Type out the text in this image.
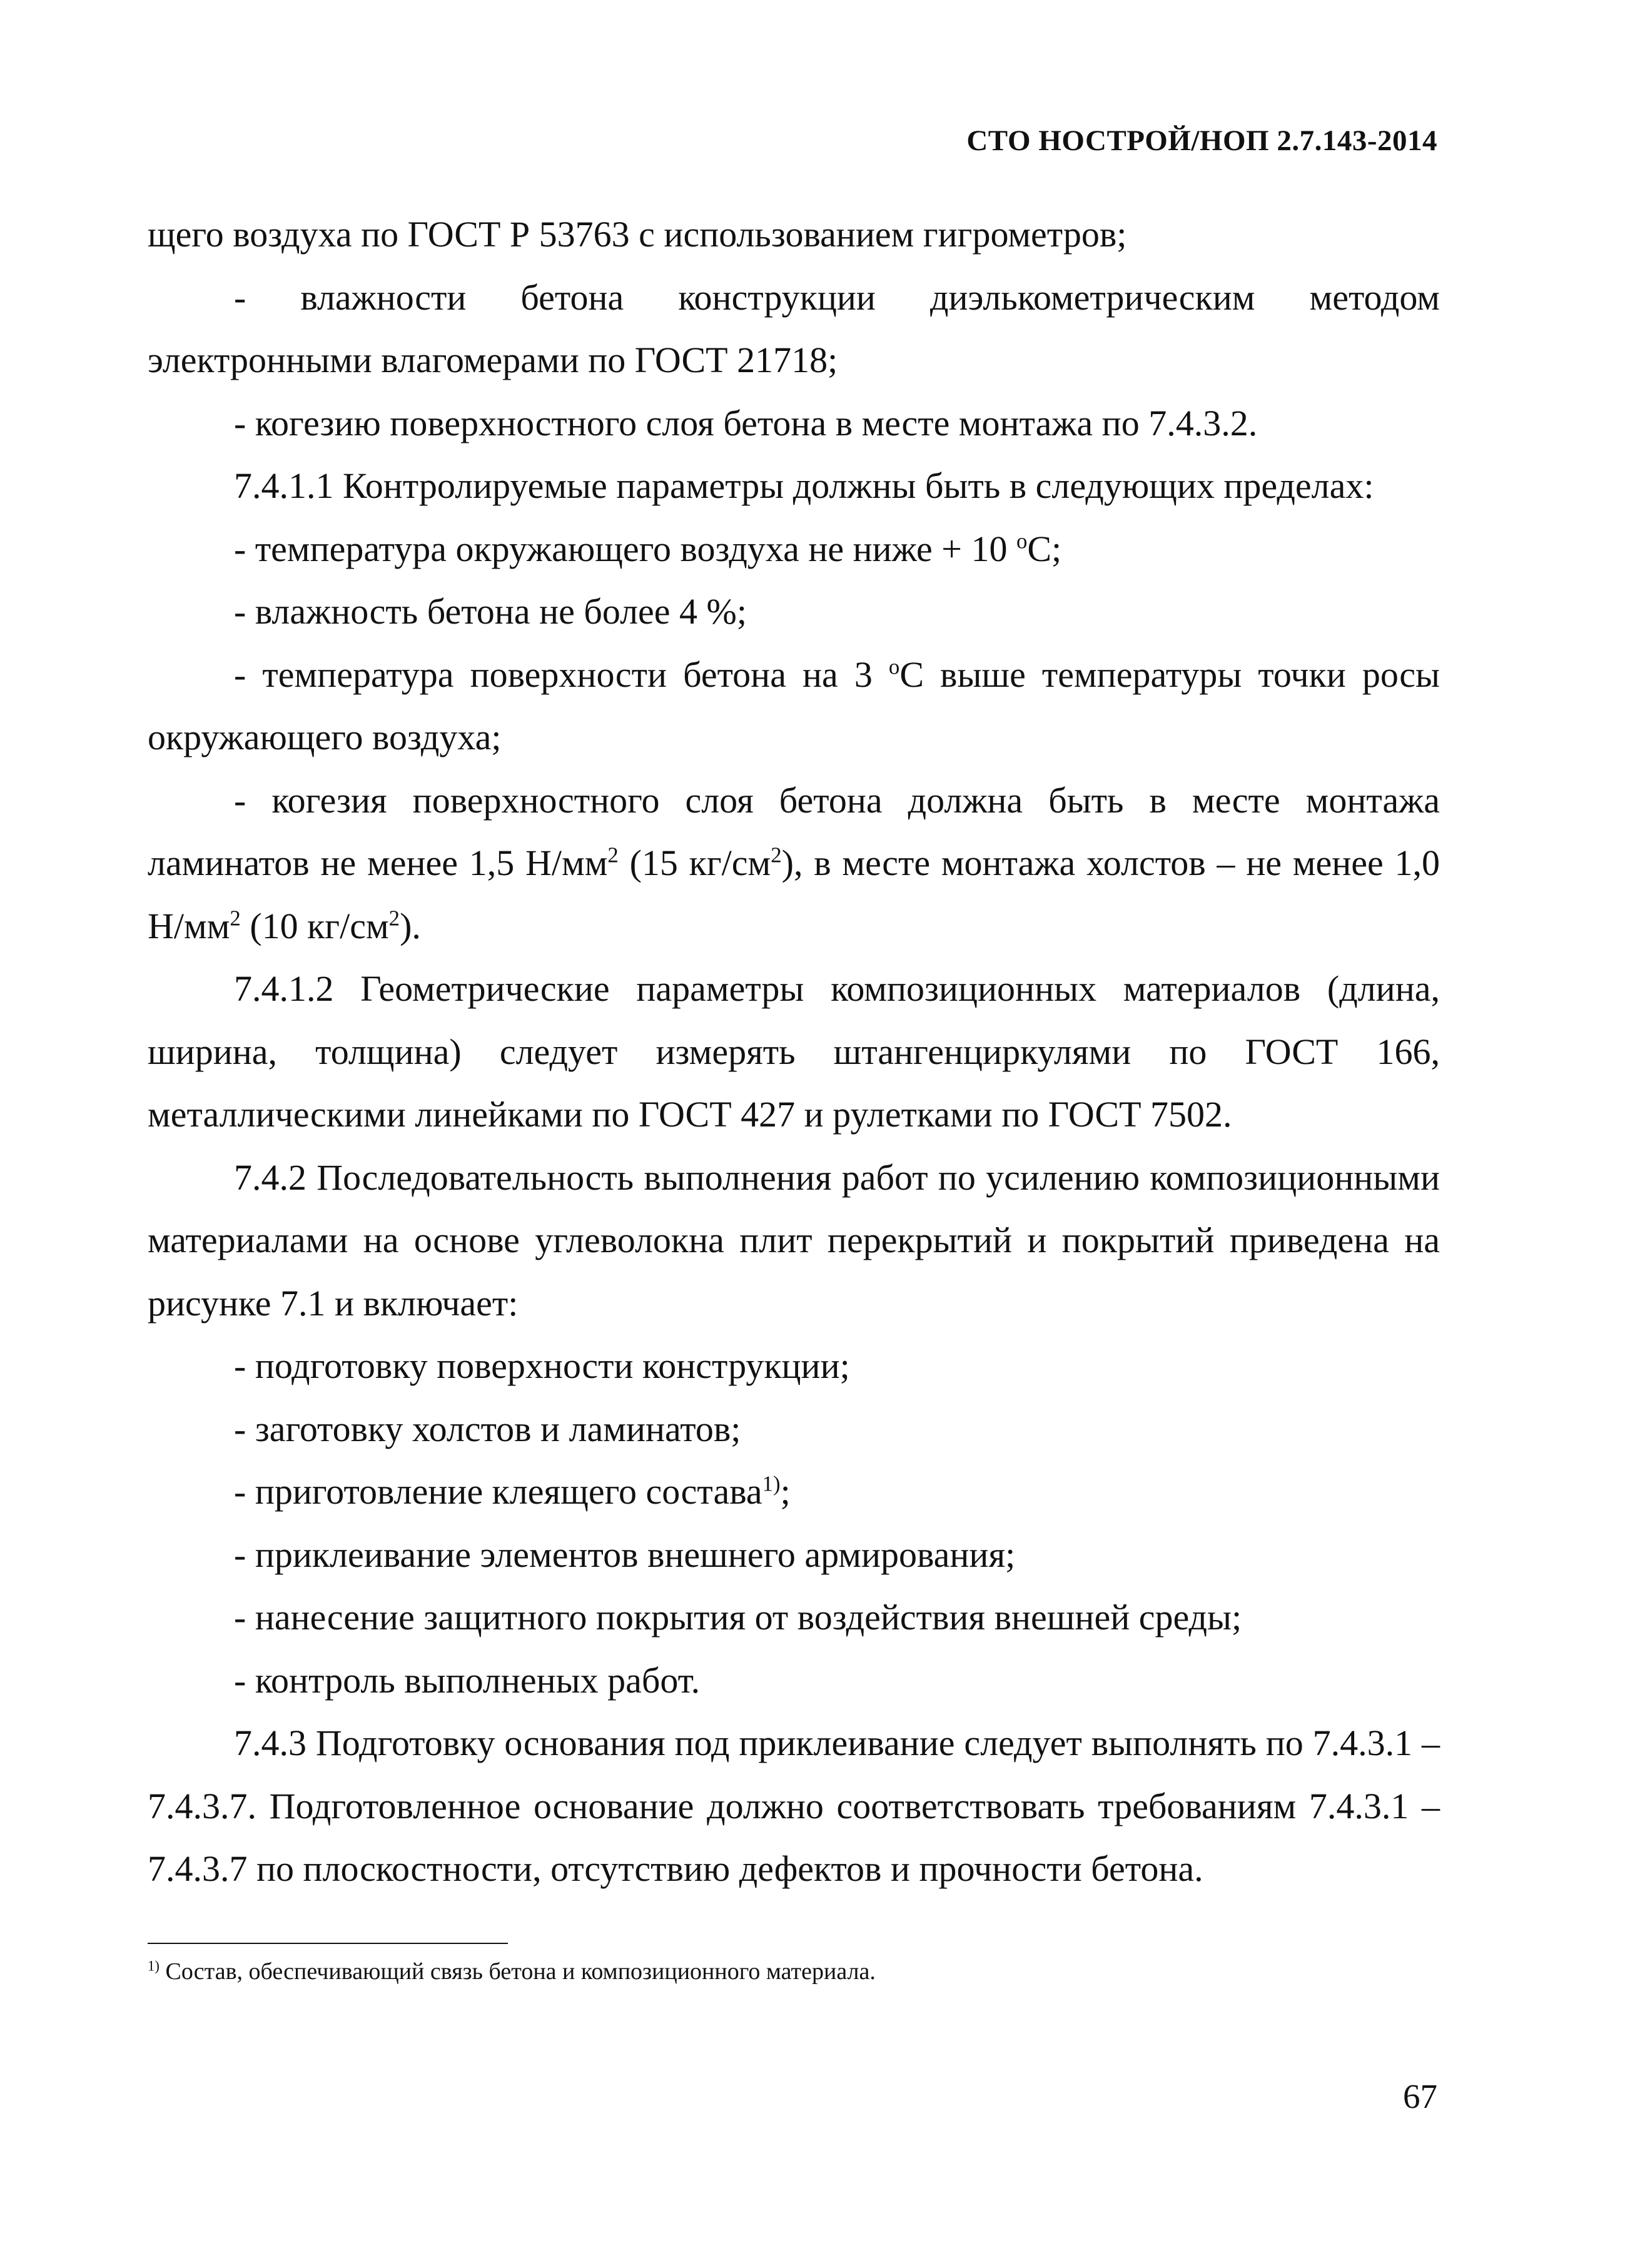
СТО НОСТРОЙ/НОП 2.7.143-2014

щего воздуха по ГОСТ Р 53763 с использованием гигрометров;

- влажности бетона конструкции диэлькометрическим методом электронными влагомерами по ГОСТ 21718;

- когезию поверхностного слоя бетона в месте монтажа по 7.4.3.2.

7.4.1.1 Контролируемые параметры должны быть в следующих пределах:

- температура окружающего воздуха не ниже + 10 $^о$С;

- влажность бетона не более 4 %;

- температура поверхности бетона на 3 $^о$С выше температуры точки росы окружающего воздуха;

- когезия поверхностного слоя бетона должна быть в месте монтажа ламинатов не менее 1,5 $Н/мм^2$ (15 $кг/см^2$), в месте монтажа холстов – не менее 1,0 $Н/мм^2$ (10 $кг/см^2$).

7.4.1.2 Геометрические параметры композиционных материалов (длина, ширина, толщина) следует измерять штангенциркулями по ГОСТ 166, металлическими линейками по ГОСТ 427 и рулетками по ГОСТ 7502.

7.4.2 Последовательность выполнения работ по усилению композиционными материалами на основе углеволокна плит перекрытий и покрытий приведена на рисунке 7.1 и включает:

- подготовку поверхности конструкции;

- заготовку холстов и ламинатов;

- приготовление клеящего состава$^{1)}$;

- приклеивание элементов внешнего армирования;

- нанесение защитного покрытия от воздействия внешней среды;

- контроль выполненых работ.

7.4.3 Подготовку основания под приклеивание следует выполнять по 7.4.3.1 – 7.4.3.7. Подготовленное основание должно соответствовать требованиям 7.4.3.1 – 7.4.3.7 по плоскостности, отсутствию дефектов и прочности бетона.

$^{1)}$ Состав, обеспечивающий связь бетона и композиционного материала.
67
